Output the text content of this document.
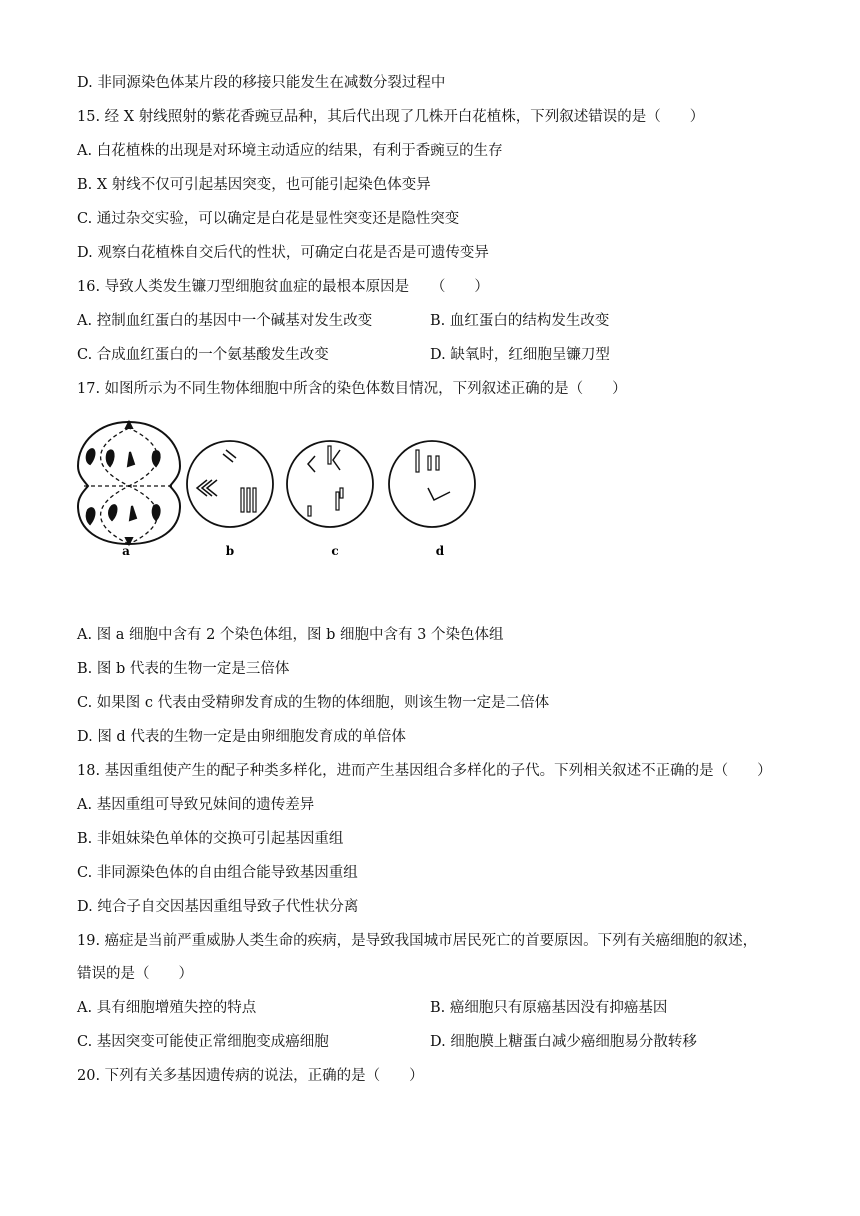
D. 非同源染色体某片段的移接只能发生在减数分裂过程中
15. 经 X 射线照射的紫花香豌豆品种，其后代出现了几株开白花植株，下列叙述错误的是（　　）
A. 白花植株的出现是对环境主动适应的结果，有利于香豌豆的生存
B. X 射线不仅可引起基因突变，也可能引起染色体变异
C. 通过杂交实验，可以确定是白花是显性突变还是隐性突变
D. 观察白花植株自交后代的性状，可确定白花是否是可遗传变异
16. 导致人类发生镰刀型细胞贫血症的最根本原因是　　（　　）
A. 控制血红蛋白的基因中一个碱基对发生改变	B. 血红蛋白的结构发生改变
C. 合成血红蛋白的一个氨基酸发生改变	D. 缺氧时，红细胞呈镰刀型
17. 如图所示为不同生物体细胞中所含的染色体数目情况，下列叙述正确的是（　　）
a	b	c	d
A. 图 a 细胞中含有 2 个染色体组，图 b 细胞中含有 3 个染色体组
B. 图 b 代表的生物一定是三倍体
C. 如果图 c 代表由受精卵发育成的生物的体细胞，则该生物一定是二倍体
D. 图 d 代表的生物一定是由卵细胞发育成的单倍体
18. 基因重组使产生的配子种类多样化，进而产生基因组合多样化的子代。下列相关叙述不正确的是（　　）
A. 基因重组可导致兄妹间的遗传差异
B. 非姐妹染色单体的交换可引起基因重组
C. 非同源染色体的自由组合能导致基因重组
D. 纯合子自交因基因重组导致子代性状分离
19. 癌症是当前严重威胁人类生命的疾病，是导致我国城市居民死亡的首要原因。下列有关癌细胞的叙述，
错误的是（　　）
A. 具有细胞增殖失控的特点	B. 癌细胞只有原癌基因没有抑癌基因
C. 基因突变可能使正常细胞变成癌细胞	D. 细胞膜上糖蛋白减少癌细胞易分散转移
20. 下列有关多基因遗传病的说法，正确的是（　　）
